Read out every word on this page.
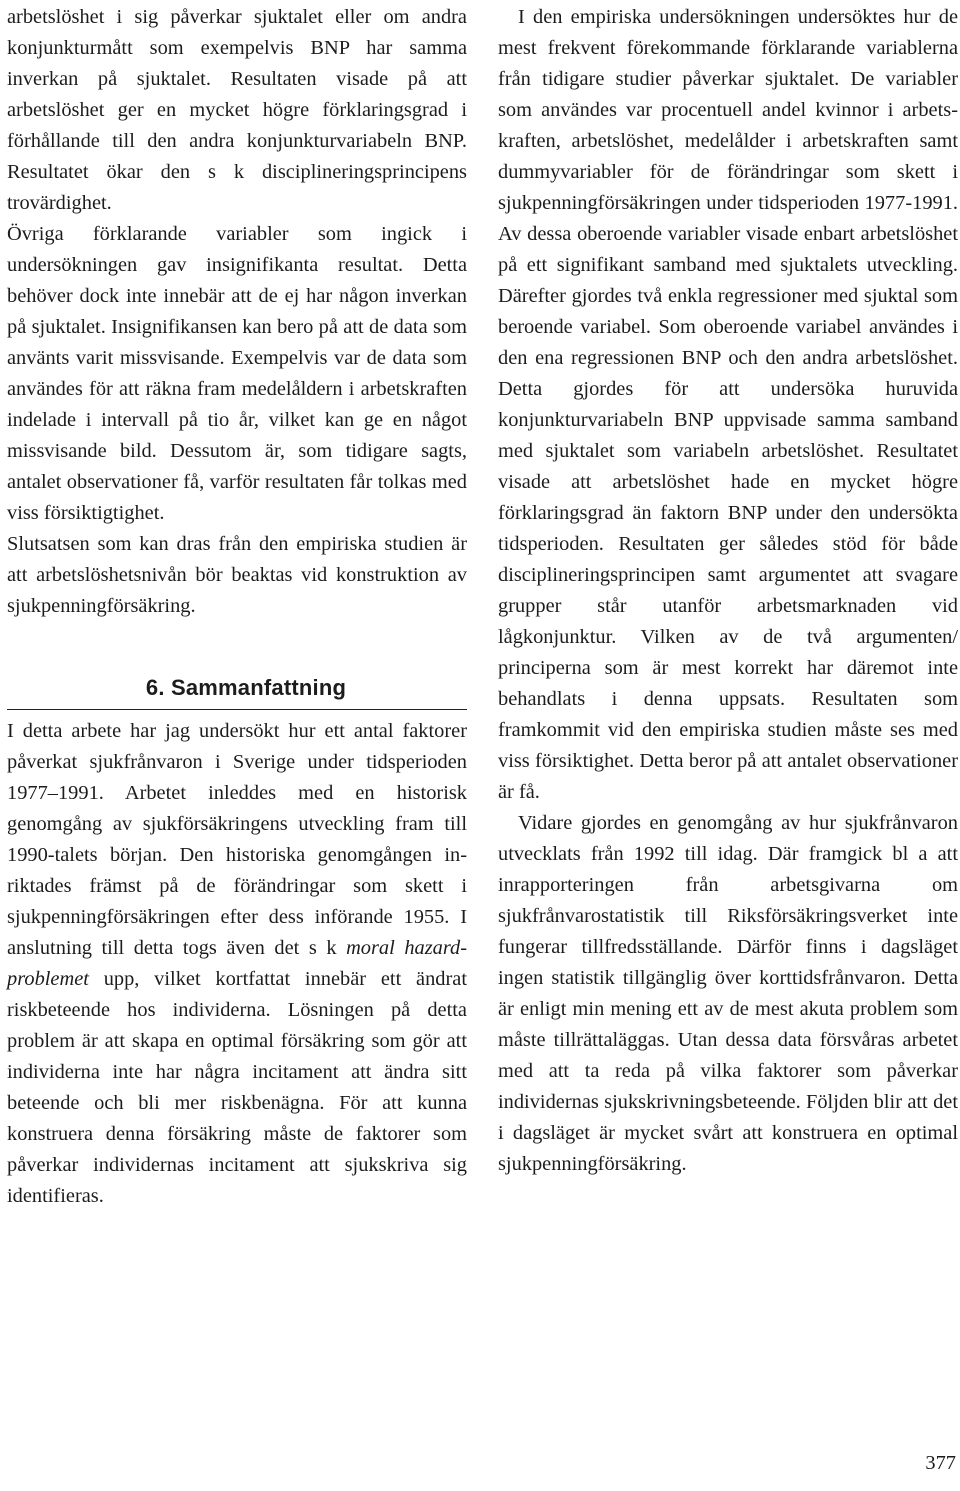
arbetslöshet i sig påverkar sjuktalet eller om andra konjunkturmått som exempelvis BNP har samma inverkan på sjuktalet. Resultaten visade på att arbetslöshet ger en mycket högre förklaringsgrad i förhållande till den andra konjunkturvariabeln BNP. Resultatet ökar den s k disciplineringsprincipens trovärdighet.

Övriga förklarande variabler som ingick i undersökningen gav insignifikanta resultat. Detta behöver dock inte innebär att de ej har någon inverkan på sjuktalet. Insignifikansen kan bero på att de data som använts varit missvisande. Exempelvis var de data som användes för att räkna fram medelåldern i arbetskraften indelade i intervall på tio år, vilket kan ge en något missvisande bild. Dessutom är, som tidigare sagts, antalet observationer få, varför resultaten får tolkas med viss försiktigtighet.

Slutsatsen som kan dras från den empiriska studien är att arbetslöshetsnivån bör beaktas vid konstruktion av sjukpenningförsäkring.

6. Sammanfattning

I detta arbete har jag undersökt hur ett antal faktorer påverkat sjukfrånvaron i Sverige under tidsperioden 1977–1991. Arbetet inleddes med en historisk genomgång av sjukförsäkringens utveckling fram till 1990-talets början. Den historiska genomgången inriktades främst på de förändringar som skett i sjukpenningförsäkringen efter dess införande 1955. I anslutning till detta togs även det s k moral hazard-problemet upp, vilket kortfattat innebär ett ändrat riskbeteende hos individerna. Lösningen på detta problem är att skapa en optimal försäkring som gör att individerna inte har några incitament att ändra sitt beteende och bli mer riskbenägna. För att kunna konstruera denna försäkring måste de faktorer som påverkar individernas incitament att sjukskriva sig identifieras.

I den empiriska undersökningen undersöktes hur de mest frekvent förekommande förklarande variablerna från tidigare studier påverkar sjuktalet. De variabler som användes var procentuell andel kvinnor i arbetskraften, arbetslöshet, medelålder i arbetskraften samt dummyvariabler för de förändringar som skett i sjukpenningförsäkringen under tidsperioden 1977-1991. Av dessa oberoende variabler visade enbart arbetslöshet på ett signifikant samband med sjuktalets utveckling. Därefter gjordes två enkla regressioner med sjuktal som beroende variabel. Som oberoende variabel användes i den ena regressionen BNP och den andra arbetslöshet. Detta gjordes för att undersöka huruvida konjunkturvariabeln BNP uppvisade samma samband med sjuktalet som variabeln arbetslöshet. Resultatet visade att arbetslöshet hade en mycket högre förklaringsgrad än faktorn BNP under den undersökta tidsperioden. Resultaten ger således stöd för både disciplineringsprincipen samt argumentet att svagare grupper står utanför arbetsmarknaden vid lågkonjunktur. Vilken av de två argumenten/ principerna som är mest korrekt har däremot inte behandlats i denna uppsats. Resultaten som framkommit vid den empiriska studien måste ses med viss försiktighet. Detta beror på att antalet observationer är få.

Vidare gjordes en genomgång av hur sjukfrånvaron utvecklats från 1992 till idag. Där framgick bl a att inrapporteringen från arbetsgivarna om sjukfrånvarostatistik till Riksförsäkringsverket inte fungerar tillfredsställande. Därför finns i dagsläget ingen statistik tillgänglig över korttidsfrånvaron. Detta är enligt min mening ett av de mest akuta problem som måste tillrättaläggas. Utan dessa data försvåras arbetet med att ta reda på vilka faktorer som påverkar individernas sjukskrivningsbeteende. Följden blir att det i dagsläget är mycket svårt att konstruera en optimal sjukpenningförsäkring.

377
